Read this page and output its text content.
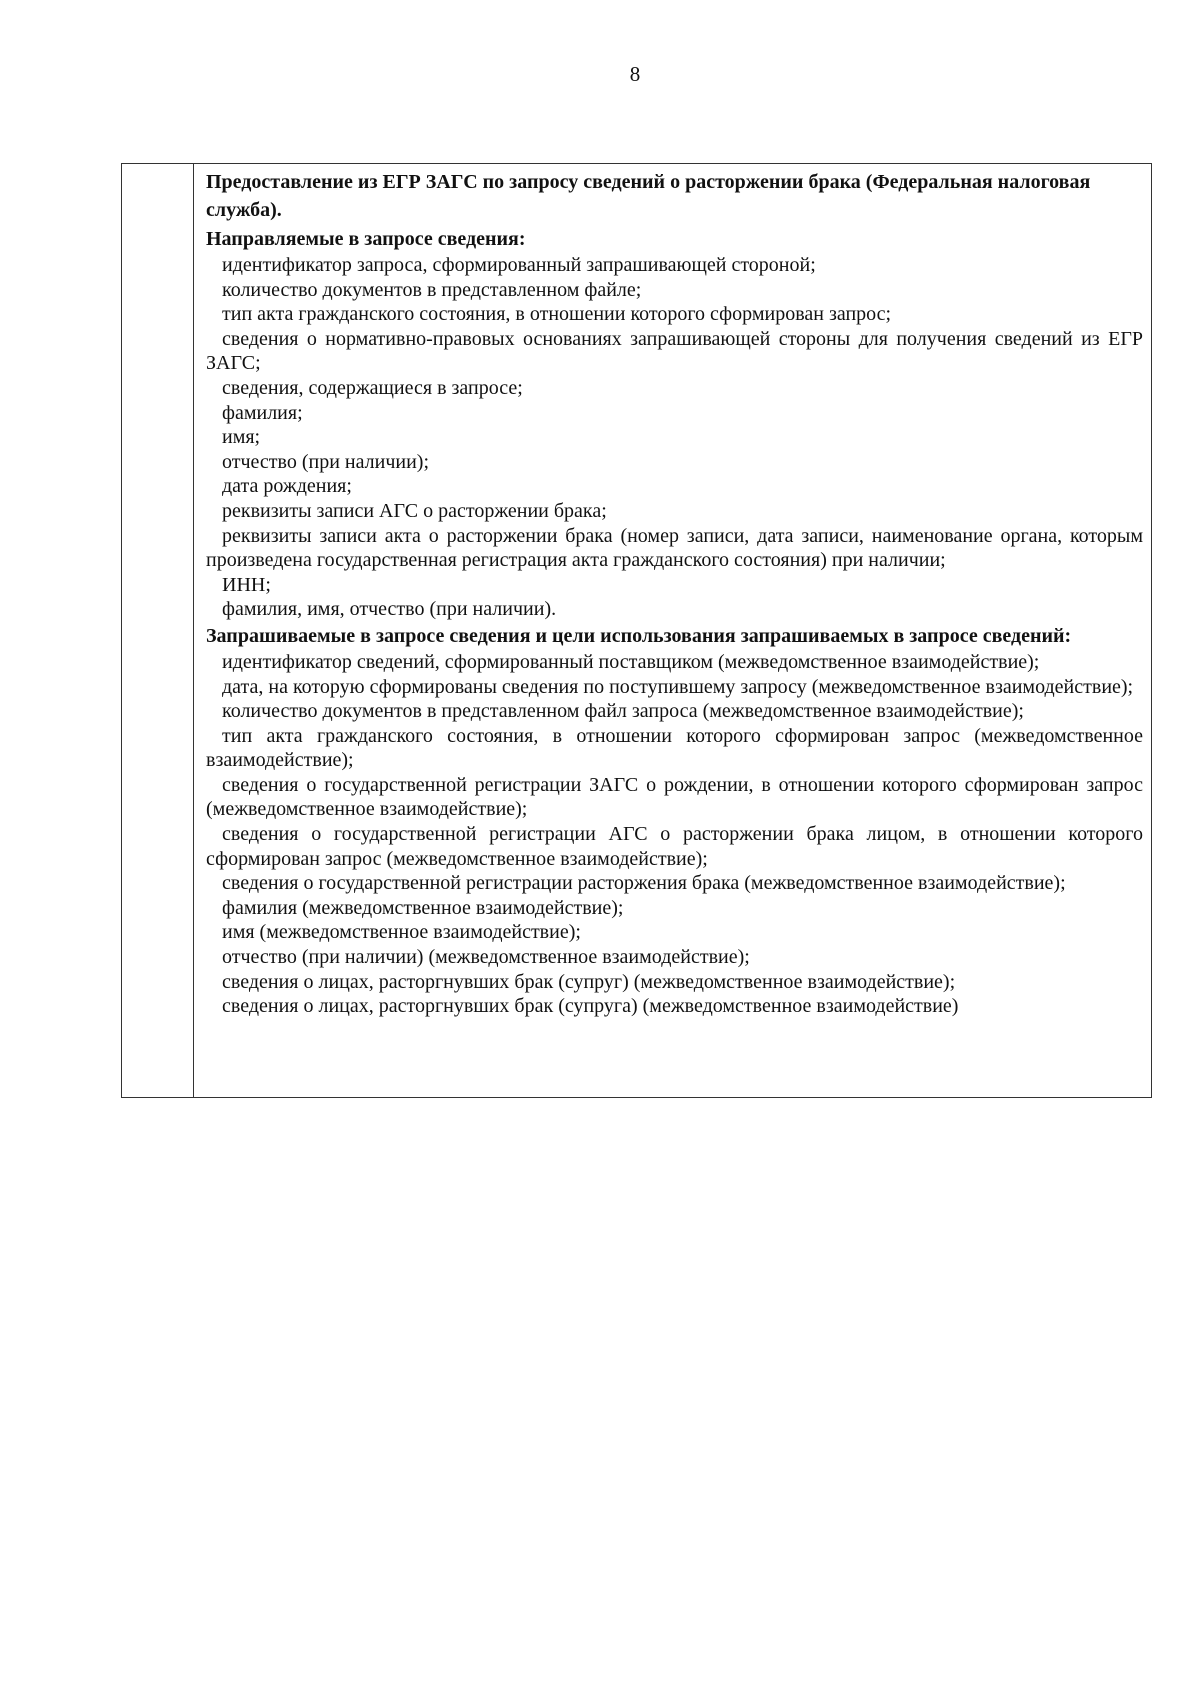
8
Предоставление из ЕГР ЗАГС по запросу сведений о расторжении брака (Федеральная налоговая служба).
Направляемые в запросе сведения:
идентификатор запроса, сформированный запрашивающей стороной;
количество документов в представленном файле;
тип акта гражданского состояния, в отношении которого сформирован запрос;
сведения о нормативно-правовых основаниях запрашивающей стороны для получения сведений из ЕГР ЗАГС;
сведения, содержащиеся в запросе;
фамилия;
имя;
отчество (при наличии);
дата рождения;
реквизиты записи АГС о расторжении брака;
реквизиты записи акта о расторжении брака (номер записи, дата записи, наименование органа, которым произведена государственная регистрация акта гражданского состояния) при наличии;
ИНН;
фамилия, имя, отчество (при наличии).
Запрашиваемые в запросе сведения и цели использования запрашиваемых в запросе сведений:
идентификатор сведений, сформированный поставщиком (межведомственное взаимодействие);
дата, на которую сформированы сведения по поступившему запросу (межведомственное взаимодействие);
количество документов в представленном файл запроса (межведомственное взаимодействие);
тип акта гражданского состояния, в отношении которого сформирован запрос (межведомственное взаимодействие);
сведения о государственной регистрации ЗАГС о рождении, в отношении которого сформирован запрос (межведомственное взаимодействие);
сведения о государственной регистрации АГС о расторжении брака лицом, в отношении которого сформирован запрос (межведомственное взаимодействие);
сведения о государственной регистрации расторжения брака (межведомственное взаимодействие);
фамилия (межведомственное взаимодействие);
имя (межведомственное взаимодействие);
отчество (при наличии) (межведомственное взаимодействие);
сведения о лицах, расторгнувших брак (супруг) (межведомственное взаимодействие);
сведения о лицах, расторгнувших брак (супруга) (межведомственное взаимодействие)
